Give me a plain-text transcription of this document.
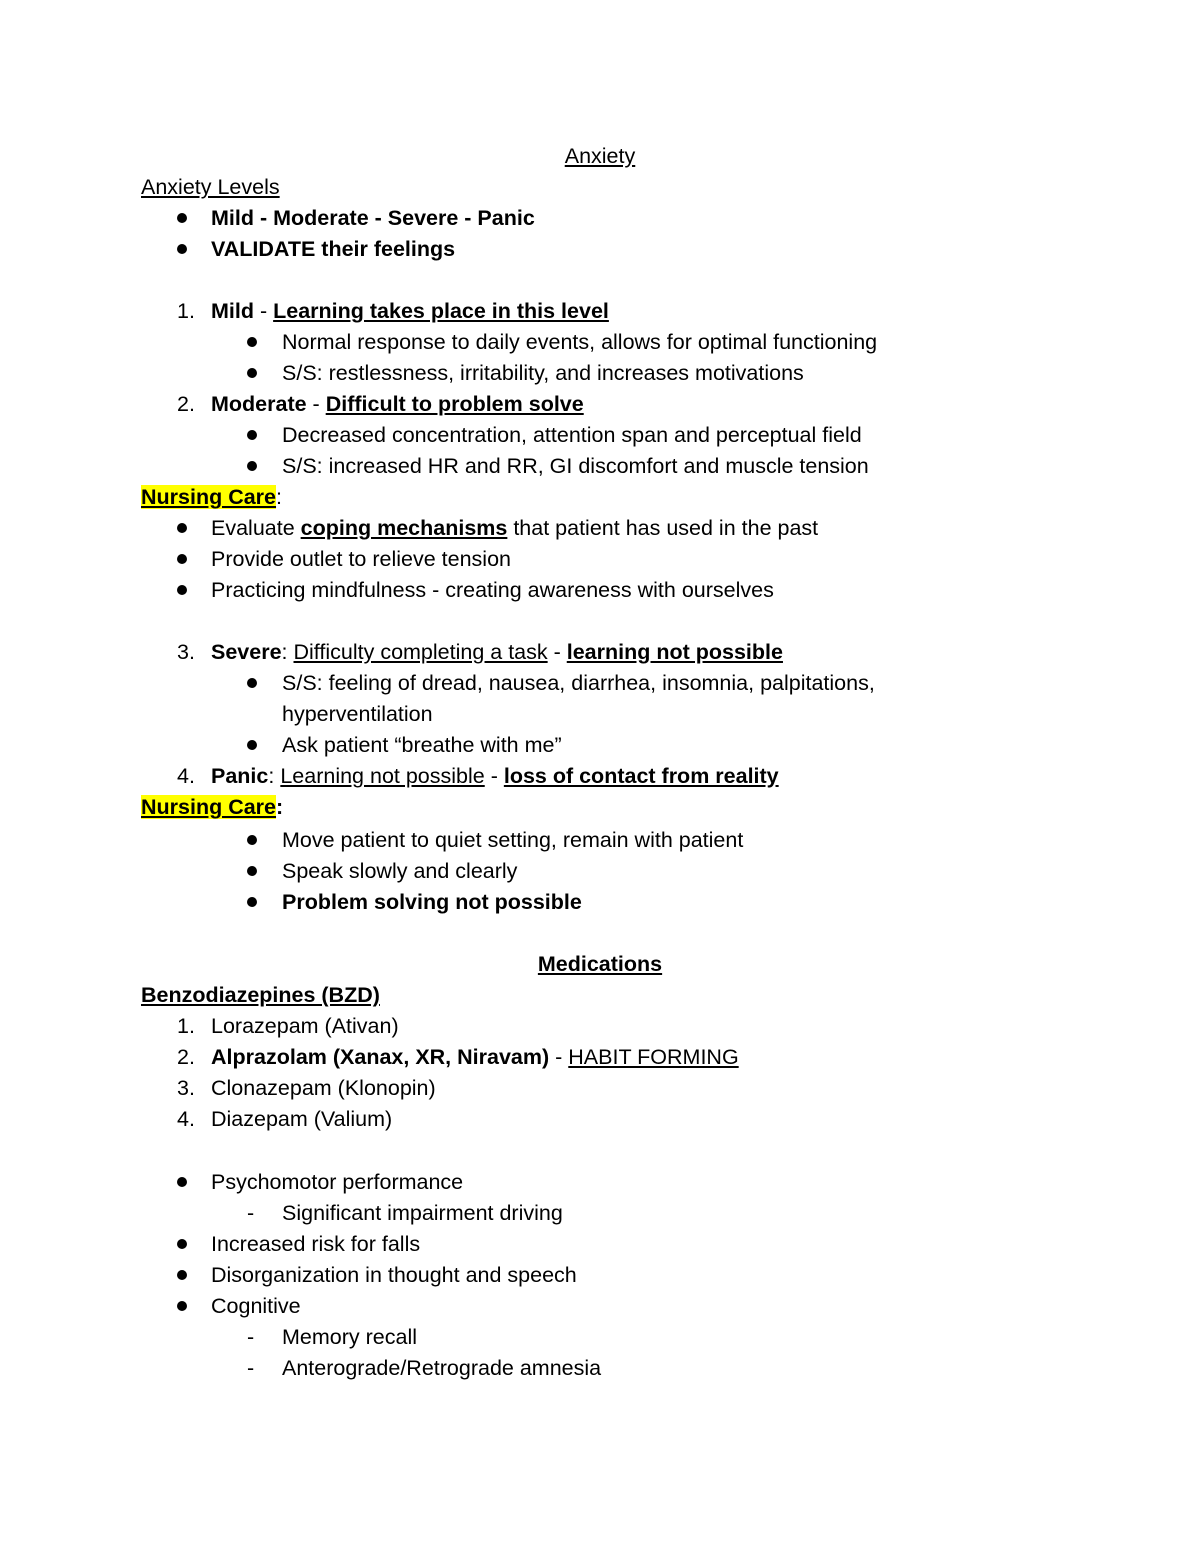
Anxiety
Anxiety Levels
Mild - Moderate - Severe - Panic
VALIDATE their feelings
1. Mild - Learning takes place in this level
Normal response to daily events, allows for optimal functioning
S/S: restlessness, irritability, and increases motivations
2. Moderate - Difficult to problem solve
Decreased concentration, attention span and perceptual field
S/S: increased HR and RR, GI discomfort and muscle tension
Nursing Care:
Evaluate coping mechanisms that patient has used in the past
Provide outlet to relieve tension
Practicing mindfulness - creating awareness with ourselves
3. Severe: Difficulty completing a task - learning not possible
S/S: feeling of dread, nausea, diarrhea, insomnia, palpitations,
hyperventilation
Ask patient “breathe with me”
4. Panic: Learning not possible - loss of contact from reality
Nursing Care:
Move patient to quiet setting, remain with patient
Speak slowly and clearly
Problem solving not possible
Medications
Benzodiazepines (BZD)
1. Lorazepam (Ativan)
2. Alprazolam (Xanax, XR, Niravam) - HABIT FORMING
3. Clonazepam (Klonopin)
4. Diazepam (Valium)
Psychomotor performance
-	Significant impairment driving
Increased risk for falls
Disorganization in thought and speech
Cognitive
-	Memory recall
-	Anterograde/Retrograde amnesia
